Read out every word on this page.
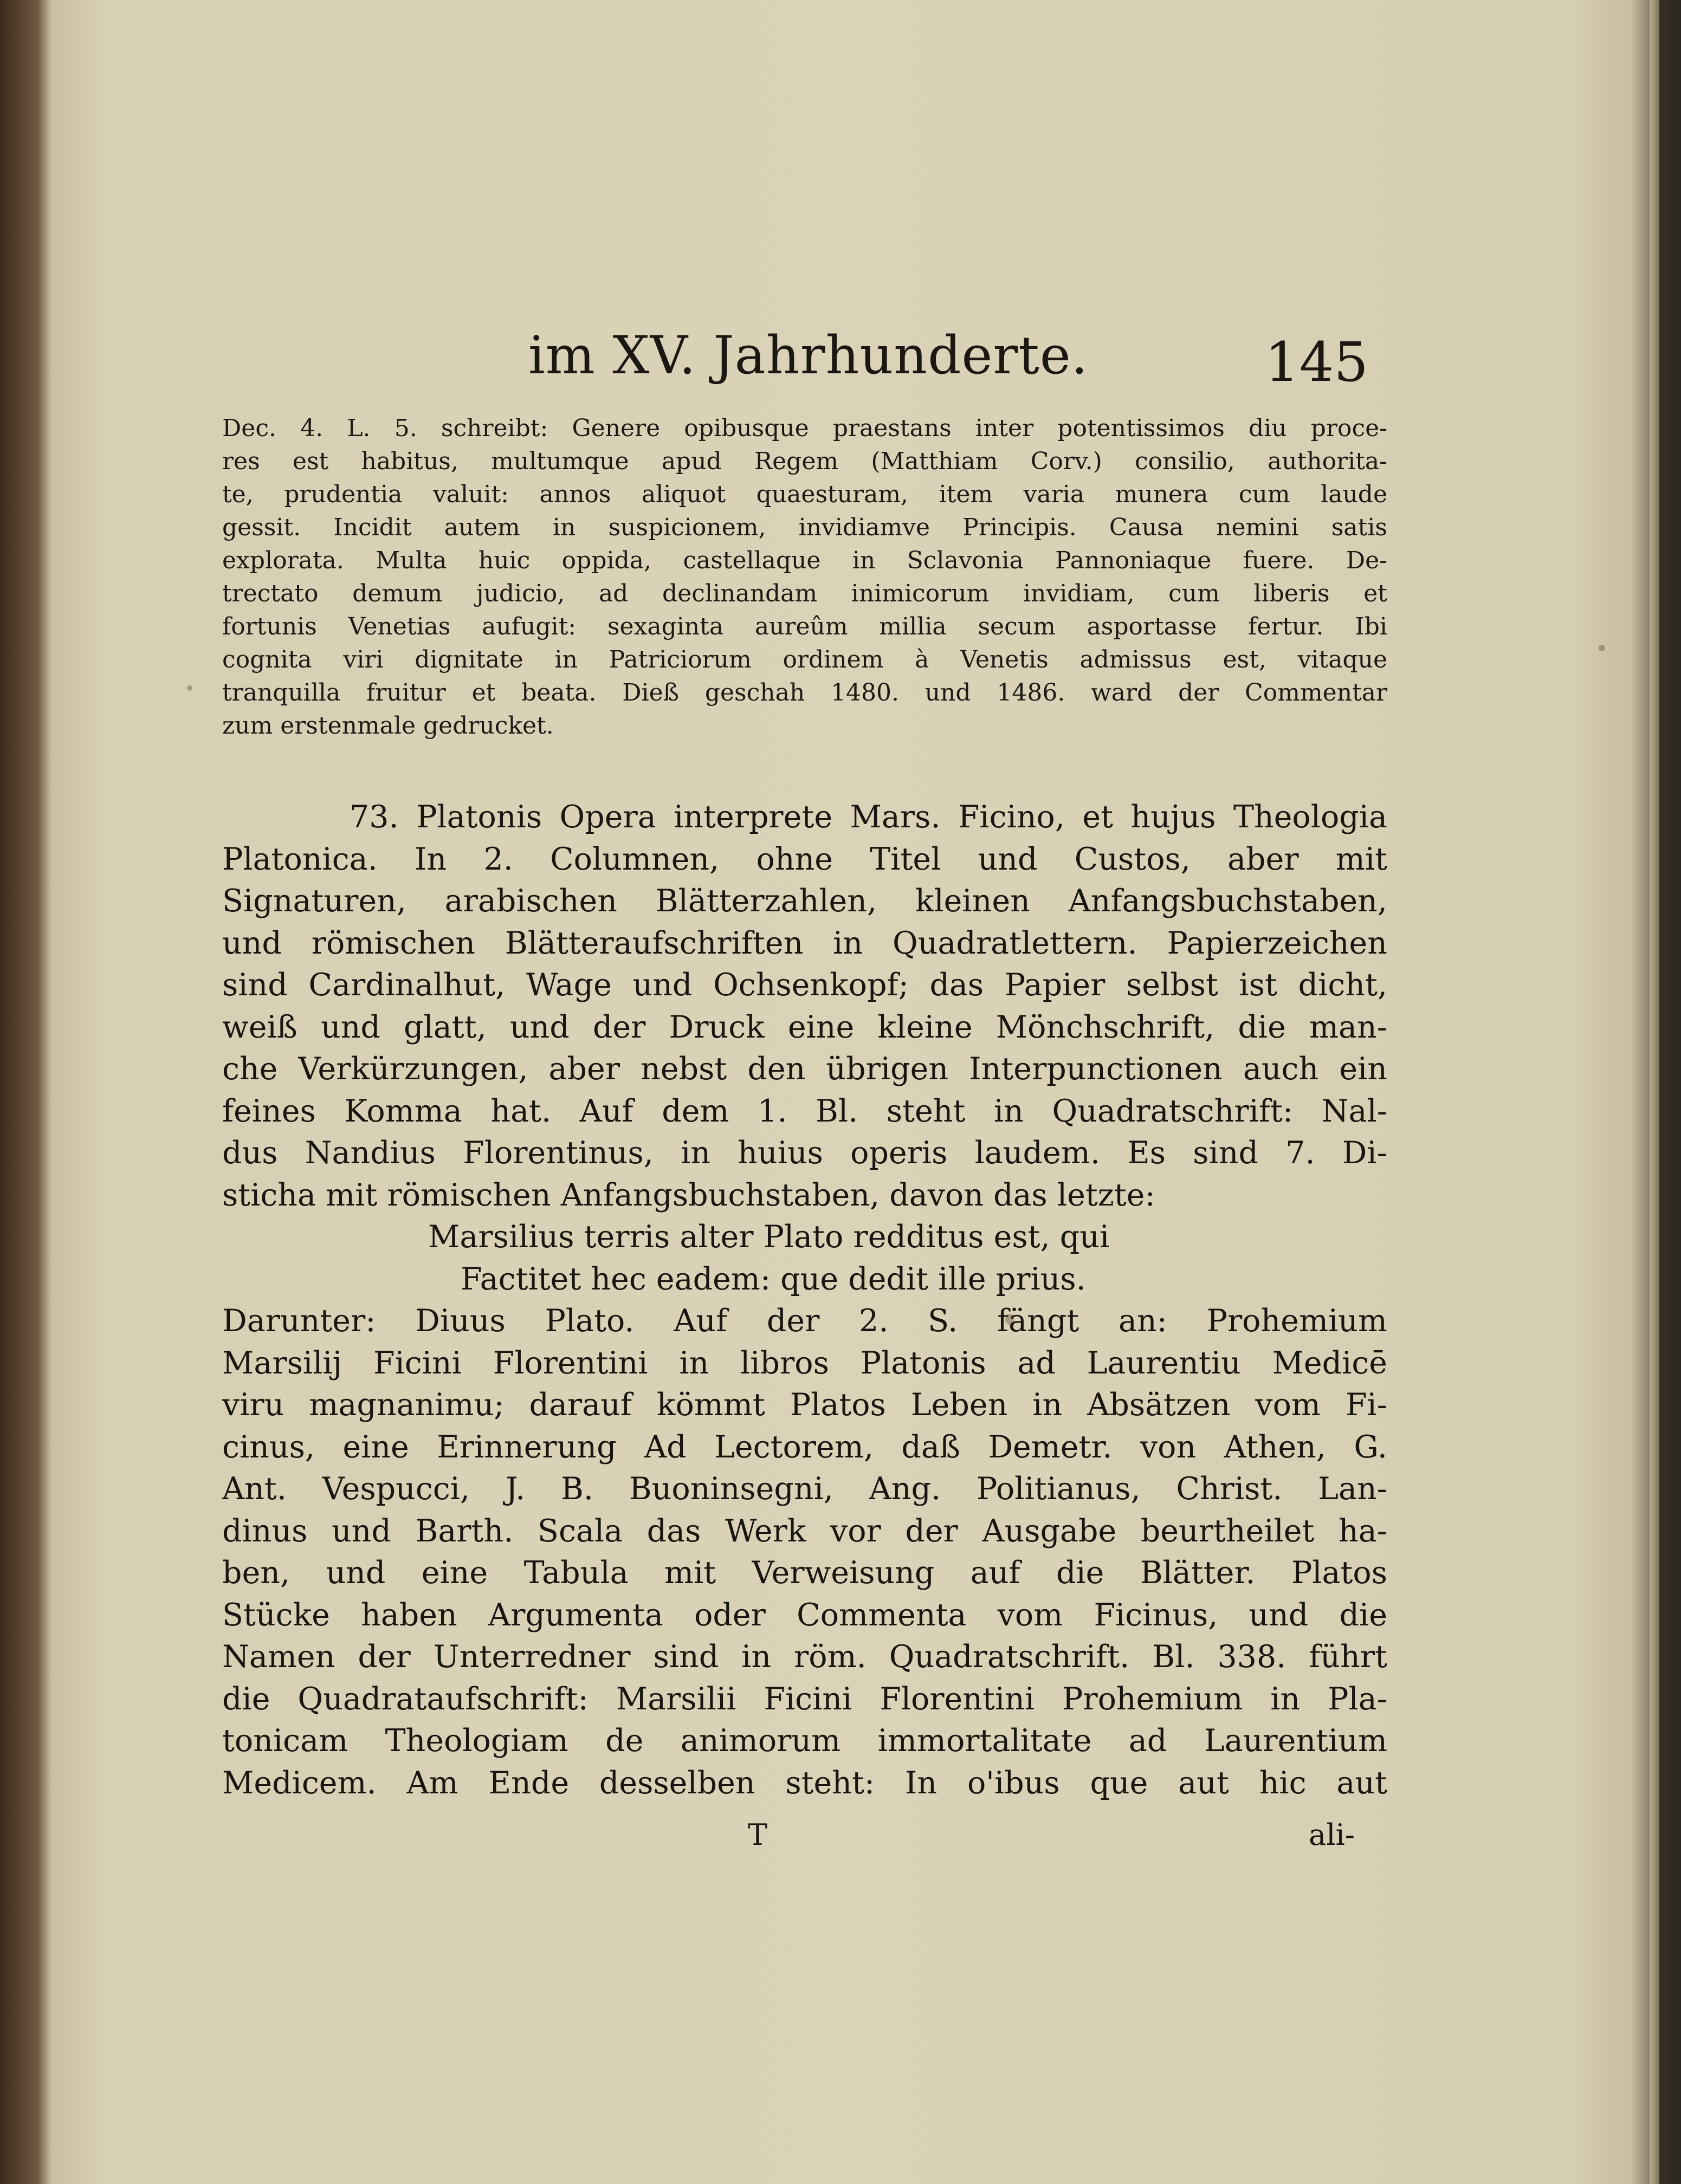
im XV. Jahrhunderte.	145
Dec. 4. L. 5. schreibt: Genere opibusque praestans inter potentissimos diu proce-
res est habitus, multumque apud Regem (Matthiam Corv.) consilio, authorita-
te, prudentia valuit: annos aliquot quaesturam, item varia munera cum laude
gessit. Incidit autem in suspicionem, invidiamve Principis. Causa nemini satis
explorata. Multa huic oppida, castellaque in Sclavonia Pannoniaque fuere. De-
trectato demum judicio, ad declinandam inimicorum invidiam, cum liberis et
fortunis Venetias aufugit: sexaginta aureûm millia secum asportasse fertur. Ibi
cognita viri dignitate in Patriciorum ordinem à Venetis admissus est, vitaque
tranquilla fruitur et beata. Dieß geschah 1480. und 1486. ward der Commentar
zum erstenmale gedrucket.
73. Platonis Opera interprete Mars. Ficino, et hujus Theologia
Platonica. In 2. Columnen, ohne Titel und Custos, aber mit
Signaturen, arabischen Blätterzahlen, kleinen Anfangsbuchstaben,
und römischen Blätteraufschriften in Quadratlettern. Papierzeichen
sind Cardinalhut, Wage und Ochsenkopf; das Papier selbst ist dicht,
weiß und glatt, und der Druck eine kleine Mönchschrift, die man-
che Verkürzungen, aber nebst den übrigen Interpunctionen auch ein
feines Komma hat. Auf dem 1. Bl. steht in Quadratschrift: Nal-
dus Nandius Florentinus, in huius operis laudem. Es sind 7. Di-
sticha mit römischen Anfangsbuchstaben, davon das letzte:
Marsilius terris alter Plato redditus est, qui
Factitet hec eadem: que dedit ille prius.
Darunter: Diuus Plato. Auf der 2. S. fängt an: Prohemium
Marsilij Ficini Florentini in libros Platonis ad Laurentiu Medicē
viru magnanimu; darauf kömmt Platos Leben in Absätzen vom Fi-
cinus, eine Erinnerung Ad Lectorem, daß Demetr. von Athen, G.
Ant. Vespucci, J. B. Buoninsegni, Ang. Politianus, Christ. Lan-
dinus und Barth. Scala das Werk vor der Ausgabe beurtheilet ha-
ben, und eine Tabula mit Verweisung auf die Blätter. Platos
Stücke haben Argumenta oder Commenta vom Ficinus, und die
Namen der Unterredner sind in röm. Quadratschrift. Bl. 338. führt
die Quadrataufschrift: Marsilii Ficini Florentini Prohemium in Pla-
tonicam Theologiam de animorum immortalitate ad Laurentium
Medicem. Am Ende desselben steht: In o'ibus que aut hic aut
T	ali-
